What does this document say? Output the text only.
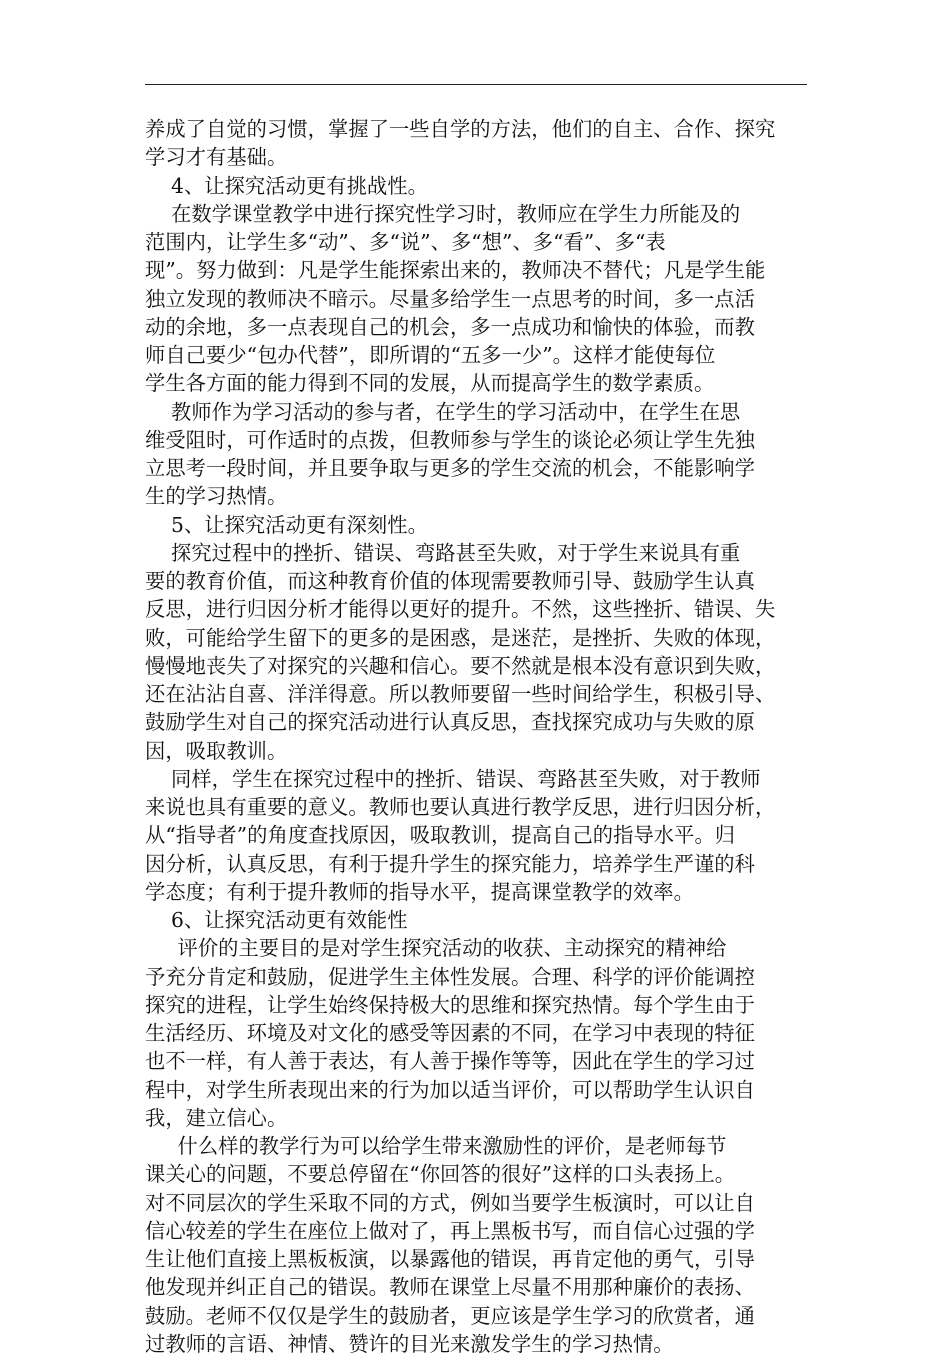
养成了自觉的习惯，掌握了一些自学的方法，他们的自主、合作、探究
学习才有基础。
4、让探究活动更有挑战性。
在数学课堂教学中进行探究性学习时，教师应在学生力所能及的
范围内，让学生多“动”、多“说”、多“想”、多“看”、多“表
现”。努力做到：凡是学生能探索出来的，教师决不替代；凡是学生能
独立发现的教师决不暗示。尽量多给学生一点思考的时间，多一点活
动的余地，多一点表现自己的机会，多一点成功和愉快的体验，而教
师自己要少“包办代替”，即所谓的“五多一少”。这样才能使每位
学生各方面的能力得到不同的发展，从而提高学生的数学素质。
教师作为学习活动的参与者，在学生的学习活动中，在学生在思
维受阻时，可作适时的点拨，但教师参与学生的谈论必须让学生先独
立思考一段时间，并且要争取与更多的学生交流的机会，不能影响学
生的学习热情。
5、让探究活动更有深刻性。
探究过程中的挫折、错误、弯路甚至失败，对于学生来说具有重
要的教育价值，而这种教育价值的体现需要教师引导、鼓励学生认真
反思，进行归因分析才能得以更好的提升。不然，这些挫折、错误、失
败，可能给学生留下的更多的是困惑，是迷茫，是挫折、失败的体现，
慢慢地丧失了对探究的兴趣和信心。要不然就是根本没有意识到失败，
还在沾沾自喜、洋洋得意。所以教师要留一些时间给学生，积极引导、
鼓励学生对自己的探究活动进行认真反思，查找探究成功与失败的原
因，吸取教训。
同样，学生在探究过程中的挫折、错误、弯路甚至失败，对于教师
来说也具有重要的意义。教师也要认真进行教学反思，进行归因分析，
从“指导者”的角度查找原因，吸取教训，提高自己的指导水平。归
因分析，认真反思，有利于提升学生的探究能力，培养学生严谨的科
学态度；有利于提升教师的指导水平，提高课堂教学的效率。
6、让探究活动更有效能性
评价的主要目的是对学生探究活动的收获、主动探究的精神给
予充分肯定和鼓励，促进学生主体性发展。合理、科学的评价能调控
探究的进程，让学生始终保持极大的思维和探究热情。每个学生由于
生活经历、环境及对文化的感受等因素的不同，在学习中表现的特征
也不一样，有人善于表达，有人善于操作等等，因此在学生的学习过
程中，对学生所表现出来的行为加以适当评价，可以帮助学生认识自
我，建立信心。
什么样的教学行为可以给学生带来激励性的评价，是老师每节
课关心的问题，不要总停留在“你回答的很好”这样的口头表扬上。
对不同层次的学生采取不同的方式，例如当要学生板演时，可以让自
信心较差的学生在座位上做对了，再上黑板书写，而自信心过强的学
生让他们直接上黑板板演，以暴露他的错误，再肯定他的勇气，引导
他发现并纠正自己的错误。教师在课堂上尽量不用那种廉价的表扬、
鼓励。老师不仅仅是学生的鼓励者，更应该是学生学习的欣赏者，通
过教师的言语、神情、赞许的目光来激发学生的学习热情。
